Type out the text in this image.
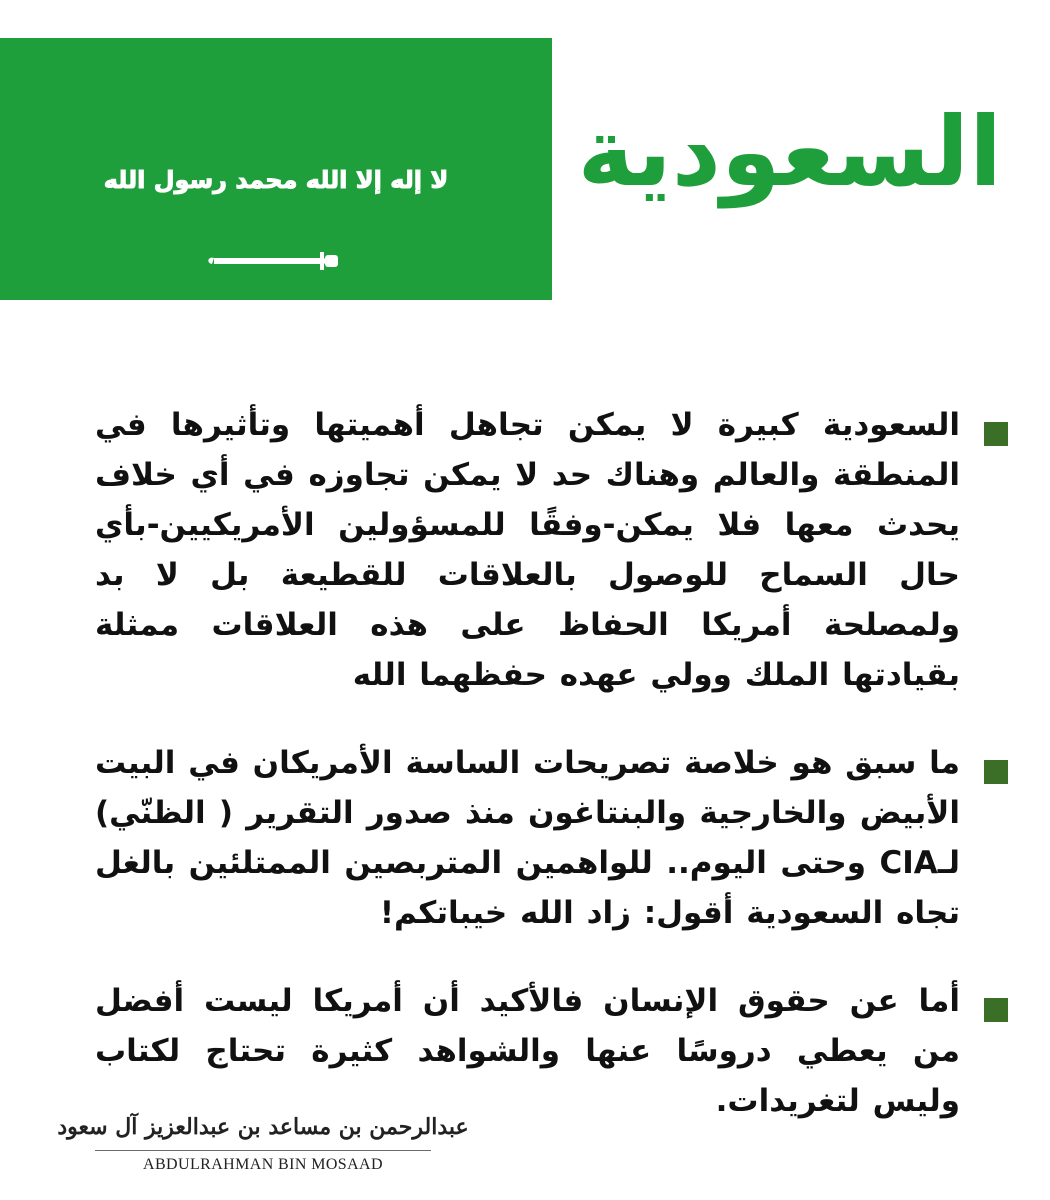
لا إله إلا الله محمد رسول الله السعودية

السعودية كبيرة لا يمكن تجاهل أهميتها وتأثيرها في المنطقة والعالم وهناك حد لا يمكن تجاوزه في أي خلاف يحدث معها فلا يمكن-وفقًا للمسؤولين الأمريكيين-بأي حال السماح للوصول بالعلاقات للقطيعة بل لا بد ولمصلحة أمريكا الحفاظ على هذه العلاقات ممثلة بقيادتها الملك وولي عهده حفظهما الله

ما سبق هو خلاصة تصريحات الساسة الأمريكان في البيت الأبيض والخارجية والبنتاغون منذ صدور التقرير ( الظنّي) لـCIA وحتى اليوم.. للواهمين المتربصين الممتلئين بالغل تجاه السعودية أقول: زاد الله خيباتكم!

أما عن حقوق الإنسان فالأكيد أن أمريكا ليست أفضل من يعطي دروسًا عنها والشواهد كثيرة تحتاج لكتاب وليس لتغريدات.

عبدالرحمن بن مساعد بن عبدالعزيز آل سعود

ABDULRAHMAN BIN MOSAAD
